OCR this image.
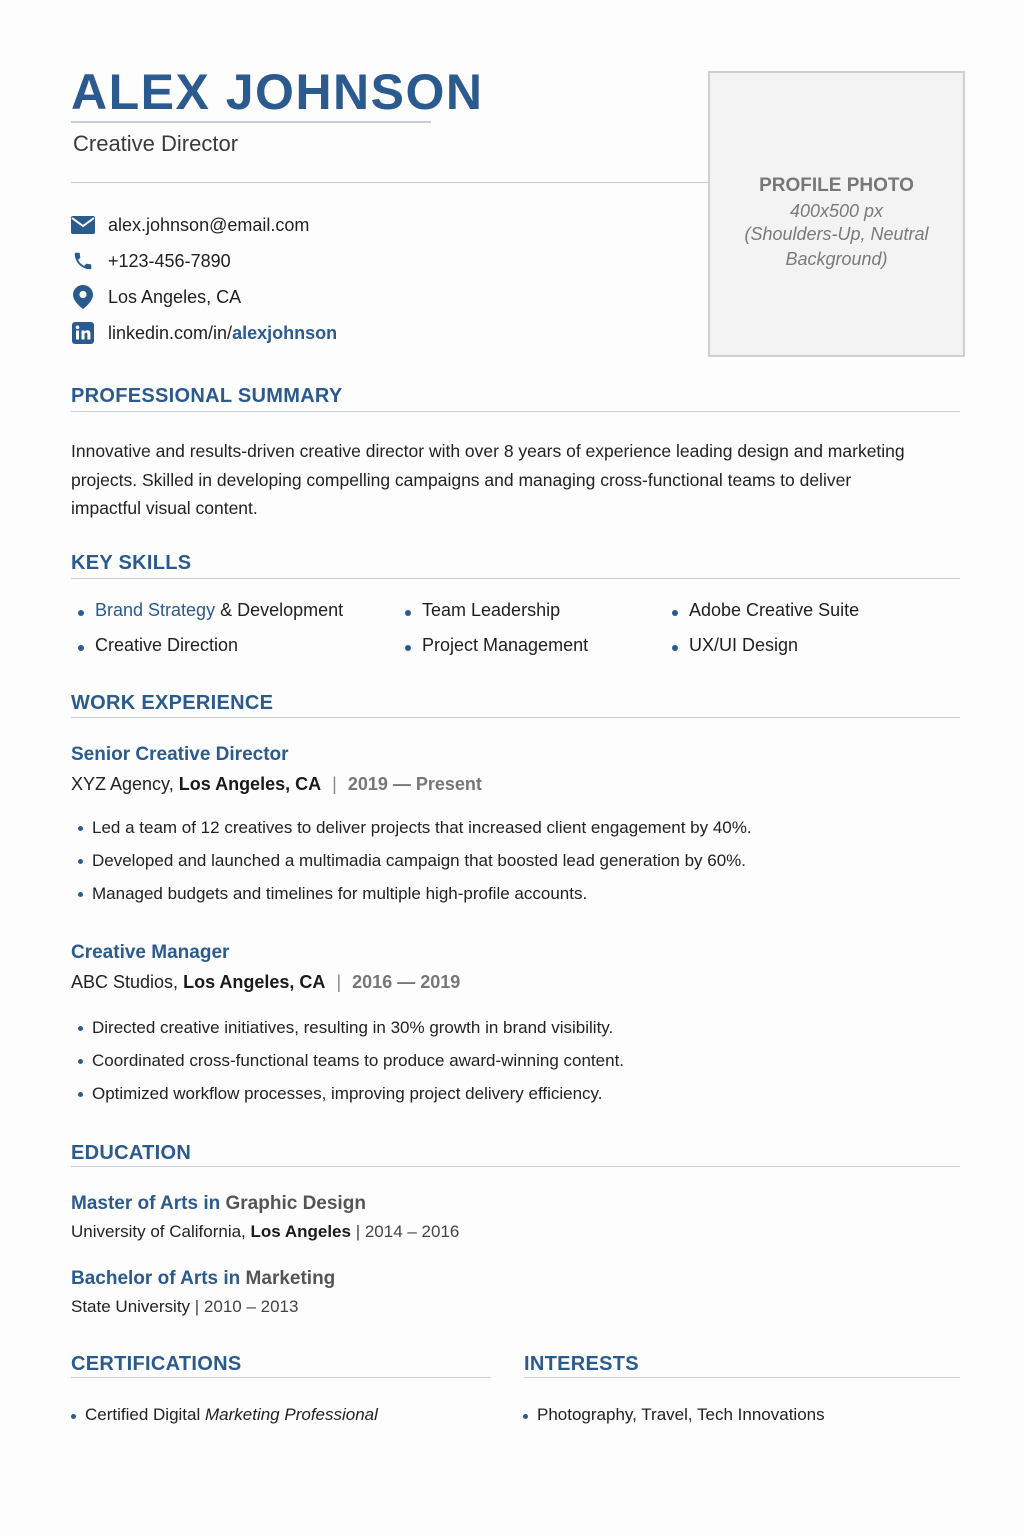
ALEX JOHNSON
Creative Director
PROFILE PHOTO
400x500 px
(Shoulders-Up, Neutral Background)
alex.johnson@email.com
+123-456-7890
Los Angeles, CA
linkedin.com/in/ alexjohnson
PROFESSIONAL SUMMARY
Innovative and results-driven creative director with over 8 years of experience leading design and marketing
projects. Skilled in developing compelling campaigns and managing cross-functional teams to deliver
impactful visual content.
KEY SKILLS
Brand Strategy & Development	Team Leadership	Adobe Creative Suite
Creative Direction	Project Management	UX/UI Design
WORK EXPERIENCE
Senior Creative Director
XYZ Agency, Los Angeles, CA | 2019 — Present
Led a team of 12 creatives to deliver projects that increased client engagement by 40%.
Developed and launched a multimadia campaign that boosted lead generation by 60%.
Managed budgets and timelines for multiple high-profile accounts.
Creative Manager
ABC Studios, Los Angeles, CA | 2016 — 2019
Directed creative initiatives, resulting in 30% growth in brand visibility.
Coordinated cross-functional teams to produce award-winning content.
Optimized workflow processes, improving project delivery efficiency.
EDUCATION
Master of Arts in Graphic Design
University of California, Los Angeles | 2014 – 2016
Bachelor of Arts in Marketing
State University | 2010 – 2013
CERTIFICATIONS
Certified Digital Marketing Professional
INTERESTS
Photography, Travel, Tech Innovations
